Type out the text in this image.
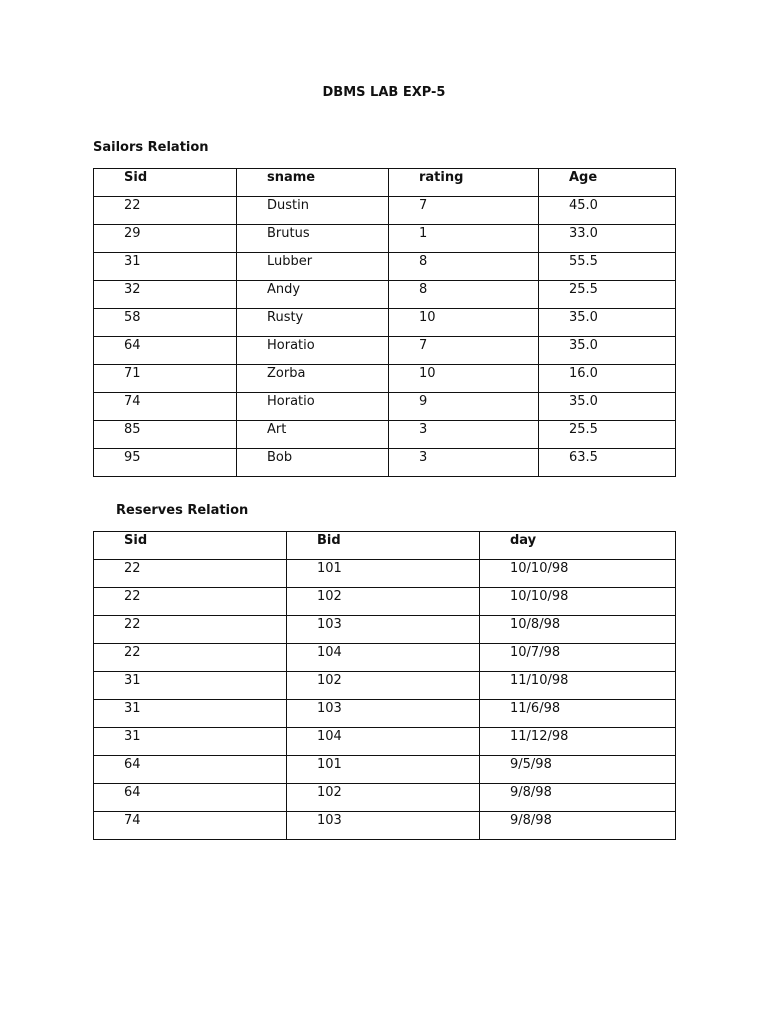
DBMS LAB EXP-5
Sailors Relation
Sid	sname	rating	Age

22	Dustin	7	45.0

29	Brutus	1	33.0

31	Lubber	8	55.5

32	Andy	8	25.5

58	Rusty	10	35.0

64	Horatio	7	35.0

71	Zorba	10	16.0

74	Horatio	9	35.0

85	Art	3	25.5

95	Bob	3	63.5
Reserves Relation
Sid	Bid	day

22	101	10/10/98

22	102	10/10/98

22	103	10/8/98

22	104	10/7/98

31	102	11/10/98

31	103	11/6/98

31	104	11/12/98

64	101	9/5/98

64	102	9/8/98

74	103	9/8/98
